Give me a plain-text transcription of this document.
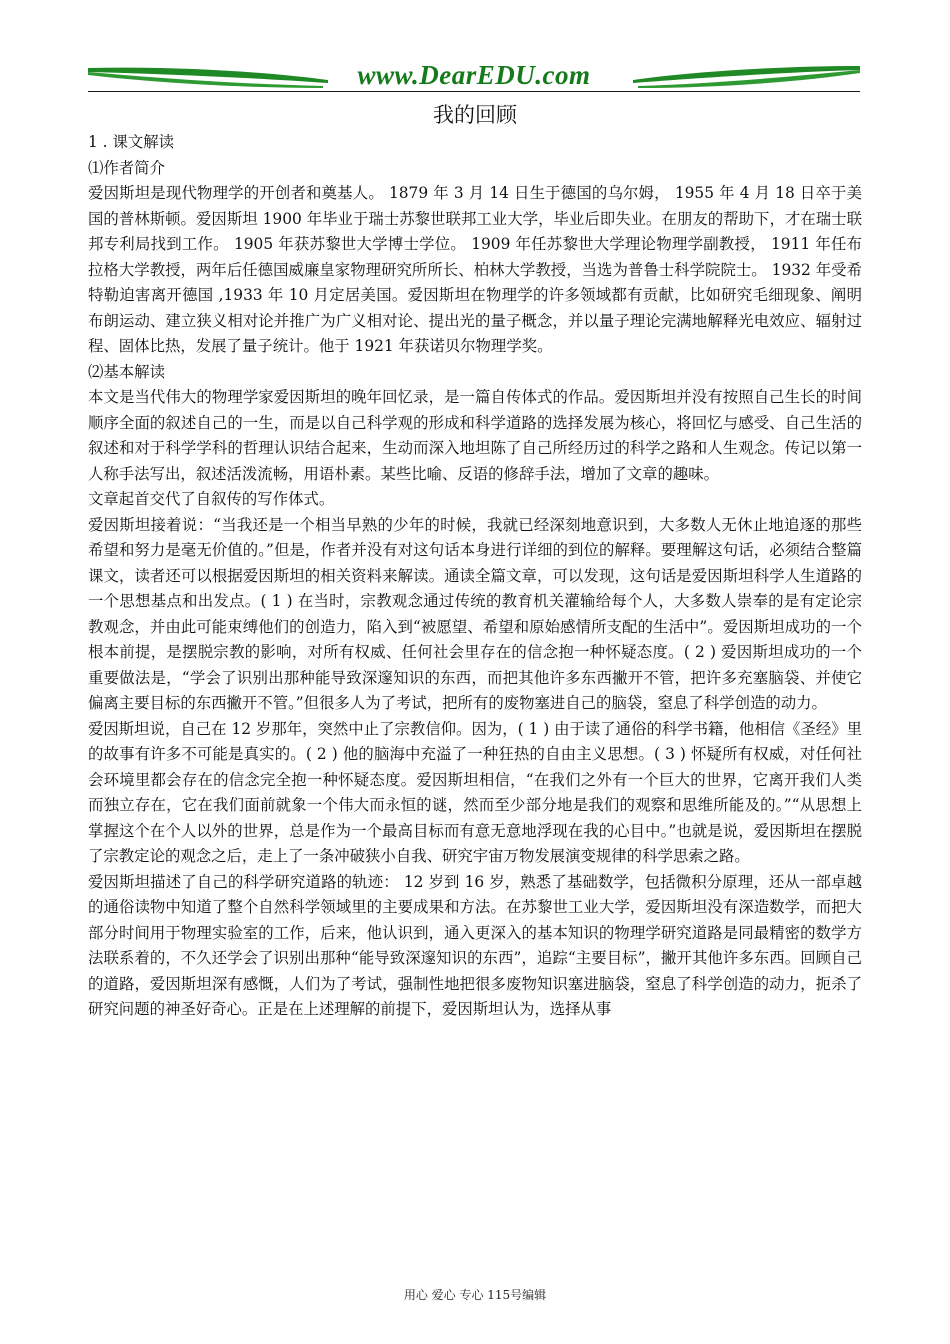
www.DearEDU.com
我的回顾

1 . 课文解读

⑴作者简介

爱因斯坦是现代物理学的开创者和奠基人。 1879 年 3 月 14 日生于德国的乌尔姆， 1955 年 4 月 18 日卒于美国的普林斯顿。爱因斯坦 1900 年毕业于瑞士苏黎世联邦工业大学，毕业后即失业。在朋友的帮助下，才在瑞士联邦专利局找到工作。 1905 年获苏黎世大学博士学位。 1909 年任苏黎世大学理论物理学副教授， 1911 年任布拉格大学教授，两年后任德国威廉皇家物理研究所所长、柏林大学教授，当选为普鲁士科学院院士。 1932 年受希特勒迫害离开德国 ,1933 年 10 月定居美国。爱因斯坦在物理学的许多领域都有贡献，比如研究毛细现象、阐明布朗运动、建立狭义相对论并推广为广义相对论、提出光的量子概念，并以量子理论完满地解释光电效应、辐射过程、固体比热，发展了量子统计。他于 1921 年获诺贝尔物理学奖。

⑵基本解读

本文是当代伟大的物理学家爱因斯坦的晚年回忆录，是一篇自传体式的作品。爱因斯坦并没有按照自己生长的时间顺序全面的叙述自己的一生，而是以自己科学观的形成和科学道路的选择发展为核心，将回忆与感受、自己生活的叙述和对于科学学科的哲理认识结合起来，生动而深入地坦陈了自己所经历过的科学之路和人生观念。传记以第一人称手法写出，叙述活泼流畅，用语朴素。某些比喻、反语的修辞手法，增加了文章的趣味。

文章起首交代了自叙传的写作体式。

爱因斯坦接着说：“当我还是一个相当早熟的少年的时候，我就已经深刻地意识到，大多数人无休止地追逐的那些希望和努力是毫无价值的。”但是，作者并没有对这句话本身进行详细的到位的解释。要理解这句话，必须结合整篇课文，读者还可以根据爱因斯坦的相关资料来解读。通读全篇文章，可以发现，这句话是爱因斯坦科学人生道路的一个思想基点和出发点。( 1 ) 在当时，宗教观念通过传统的教育机关灌输给每个人，大多数人崇奉的是有定论宗教观念，并由此可能束缚他们的创造力，陷入到“被愿望、希望和原始感情所支配的生活中”。爱因斯坦成功的一个根本前提，是摆脱宗教的影响，对所有权威、任何社会里存在的信念抱一种怀疑态度。( 2 ) 爱因斯坦成功的一个重要做法是，“学会了识别出那种能导致深邃知识的东西，而把其他许多东西撇开不管，把许多充塞脑袋、并使它偏离主要目标的东西撇开不管。”但很多人为了考试，把所有的废物塞进自己的脑袋，窒息了科学创造的动力。

爱因斯坦说，自己在 12 岁那年，突然中止了宗教信仰。因为，( 1 ) 由于读了通俗的科学书籍，他相信《圣经》里的故事有许多不可能是真实的。( 2 ) 他的脑海中充溢了一种狂热的自由主义思想。( 3 ) 怀疑所有权威，对任何社会环境里都会存在的信念完全抱一种怀疑态度。爱因斯坦相信，“在我们之外有一个巨大的世界，它离开我们人类而独立存在，它在我们面前就象一个伟大而永恒的谜，然而至少部分地是我们的观察和思维所能及的。”“从思想上掌握这个在个人以外的世界，总是作为一个最高目标而有意无意地浮现在我的心目中。”也就是说，爱因斯坦在摆脱了宗教定论的观念之后，走上了一条冲破狭小自我、研究宇宙万物发展演变规律的科学思索之路。

爱因斯坦描述了自己的科学研究道路的轨迹： 12 岁到 16 岁，熟悉了基础数学，包括微积分原理，还从一部卓越的通俗读物中知道了整个自然科学领域里的主要成果和方法。在苏黎世工业大学，爱因斯坦没有深造数学，而把大部分时间用于物理实验室的工作，后来，他认识到，通入更深入的基本知识的物理学研究道路是同最精密的数学方法联系着的，不久还学会了识别出那种“能导致深邃知识的东西”，追踪“主要目标”，撇开其他许多东西。回顾自己的道路，爱因斯坦深有感慨，人们为了考试，强制性地把很多废物知识塞进脑袋，窒息了科学创造的动力，扼杀了研究问题的神圣好奇心。正是在上述理解的前提下，爱因斯坦认为，选择从事

用心 爱心 专心 115号编辑
